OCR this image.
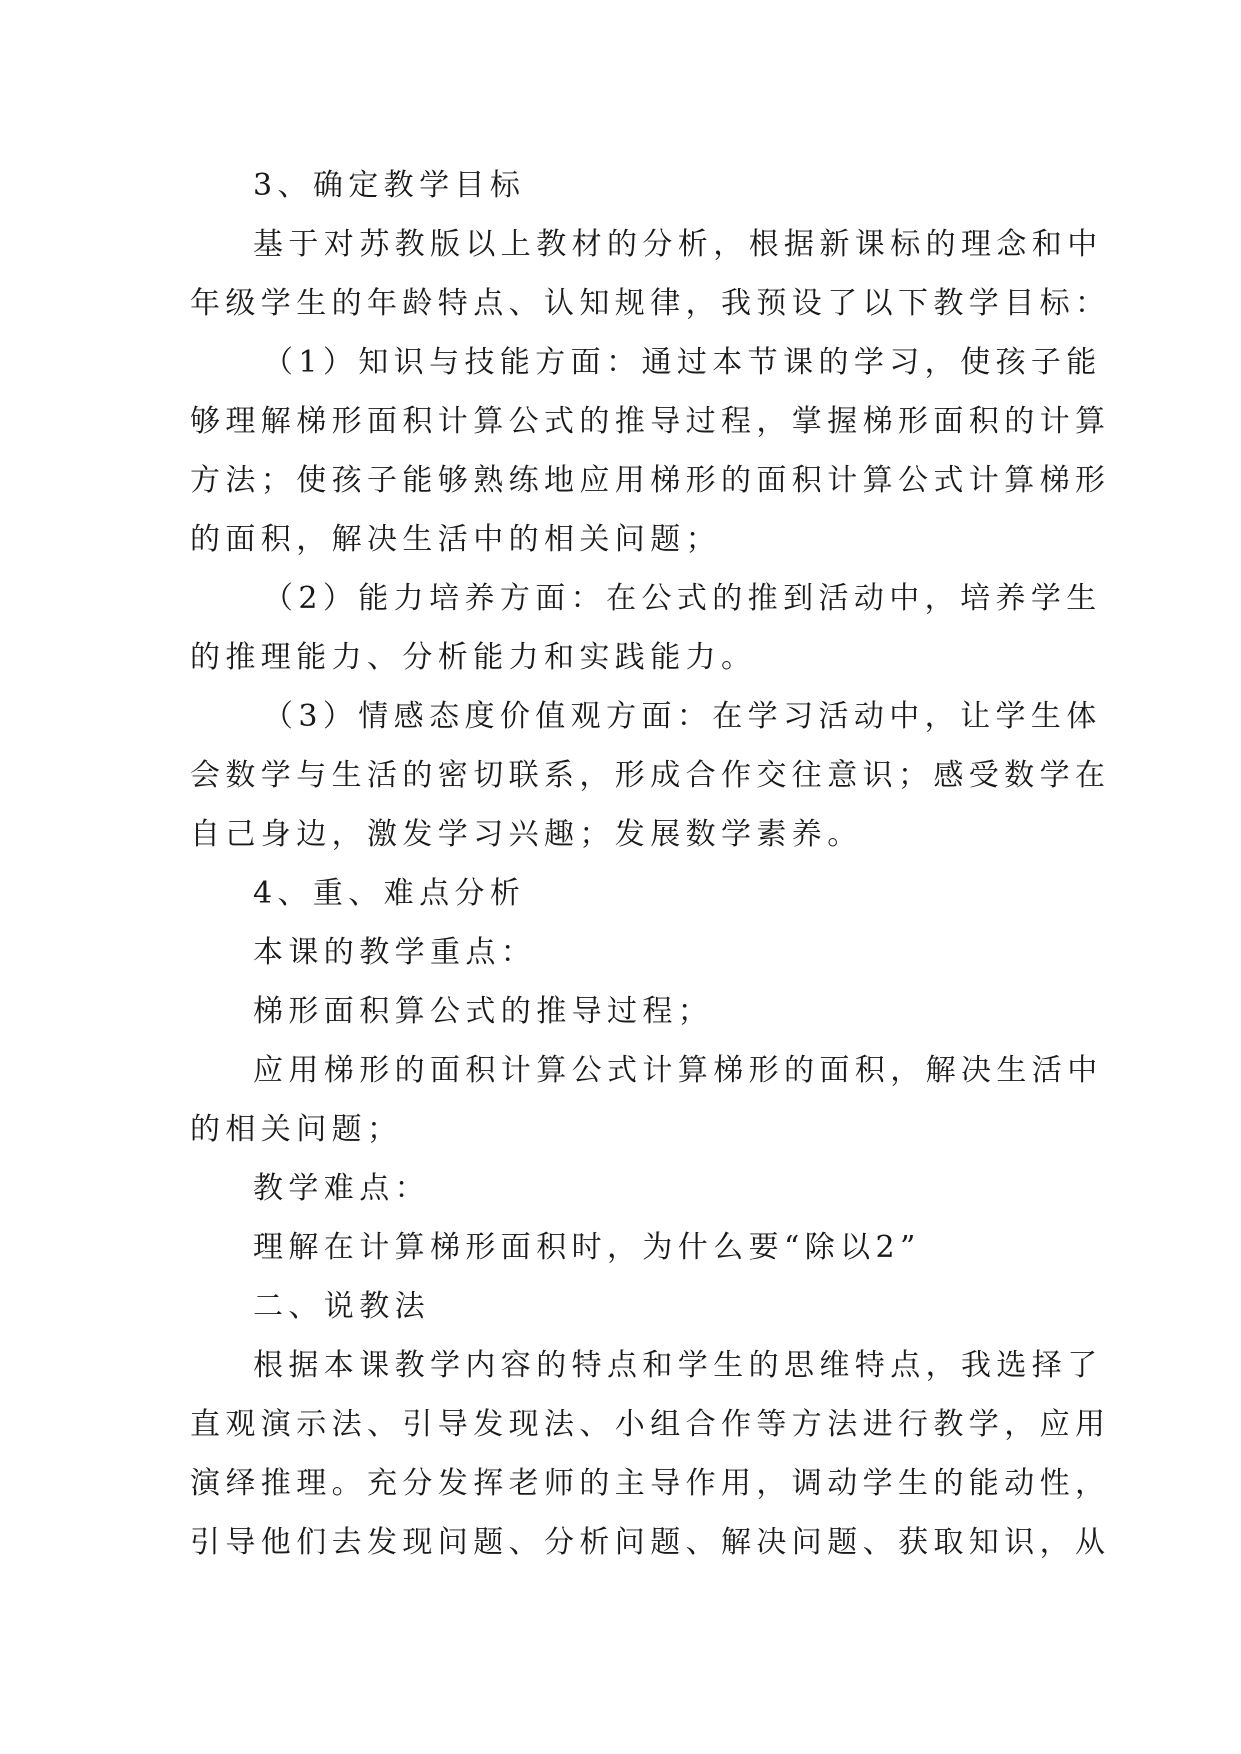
3、确定教学目标
基于对苏教版以上教材的分析，根据新课标的理念和中
年级学生的年龄特点、认知规律，我预设了以下教学目标：
（1）知识与技能方面：通过本节课的学习，使孩子能
够理解梯形面积计算公式的推导过程，掌握梯形面积的计算
方法；使孩子能够熟练地应用梯形的面积计算公式计算梯形
的面积，解决生活中的相关问题；
（2）能力培养方面：在公式的推到活动中，培养学生
的推理能力、分析能力和实践能力。
（3）情感态度价值观方面：在学习活动中，让学生体
会数学与生活的密切联系，形成合作交往意识；感受数学在
自己身边，激发学习兴趣；发展数学素养。
4、重、难点分析
本课的教学重点：
梯形面积算公式的推导过程；
应用梯形的面积计算公式计算梯形的面积，解决生活中
的相关问题；
教学难点：
理解在计算梯形面积时，为什么要“除以2”
二、说教法
根据本课教学内容的特点和学生的思维特点，我选择了
直观演示法、引导发现法、小组合作等方法进行教学，应用
演绎推理。充分发挥老师的主导作用，调动学生的能动性，
引导他们去发现问题、分析问题、解决问题、获取知识，从
